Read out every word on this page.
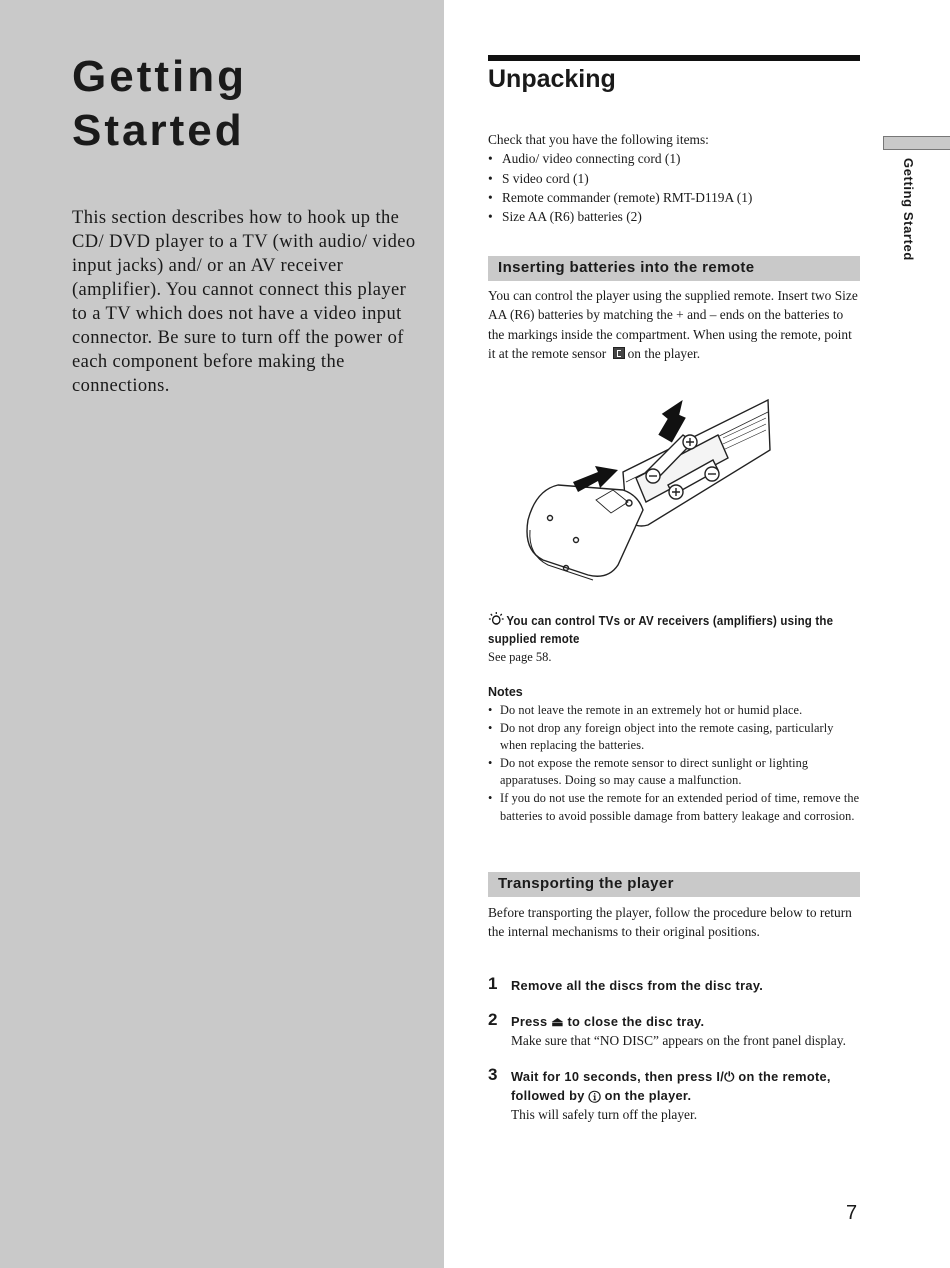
Getting
Started

This section describes how to hook up the CD/ DVD player to a TV (with audio/ video input jacks) and/ or an AV receiver (amplifier). You cannot connect this player to a TV which does not have a video input connector. Be sure to turn off the power of each component before making the connections.

Unpacking

Check that you have the following items:

• Audio/ video connecting cord (1)
• S video cord (1)
• Remote commander (remote) RMT-D119A (1)
• Size AA (R6) batteries (2)
Inserting batteries into the remote

You can control the player using the supplied remote. Insert two Size AA (R6) batteries by matching the + and – ends on the batteries to the markings inside the compartment. When using the remote, point it at the remote sensor on the player.

You can control TVs or AV receivers (amplifiers) using the supplied remote

See page 58.

Notes

• Do not leave the remote in an extremely hot or humid place.
• Do not drop any foreign object into the remote casing, particularly when replacing the batteries.
• Do not expose the remote sensor to direct sunlight or lighting apparatuses. Doing so may cause a malfunction.
• If you do not use the remote for an extended period of time, remove the batteries to avoid possible damage from battery leakage and corrosion.
Transporting the player

Before transporting the player, follow the procedure below to return the internal mechanisms to their original positions.

1 Remove all the discs from the disc tray.

2 Press ⏏ to close the disc tray.

Make sure that “NO DISC” appears on the front panel display.

3 Wait for 10 seconds, then press I/⏻ on the remote, followed by ⓘ on the player.

This will safely turn off the player.

Getting Started
7
